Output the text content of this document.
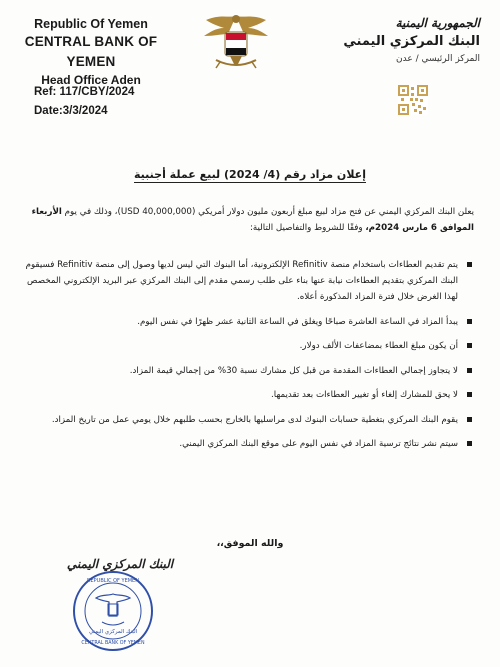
Republic Of Yemen
CENTRAL BANK OF YEMEN
Head Office Aden
Ref: 117/CBY/2024
Date:3/3/2024
الجمهورية اليمنية
البنك المركزي اليمني
المركز الرئيسي / عدن
إعلان مزاد رقم (4/ 2024) لبيع عملة أجنبية
يعلن البنك المركزي اليمني عن فتح مزاد لبيع مبلغ أربعون مليون دولار أمريكي (40,000,000 USD)، وذلك في يوم الأربعاء الموافق 6 مارس 2024م، وفقًا للشروط والتفاصيل التالية:
يتم تقديم العطاءات باستخدام منصة Refinitiv الإلكترونية، أما البنوك التي ليس لديها وصول إلى منصة Refinitiv فسيقوم البنك المركزي بتقديم العطاءات نيابة عنها بناء على طلب رسمي مقدم إلى البنك المركزي عبر البريد الإلكتروني المخصص لهذا الغرض خلال فترة المزاد المذكورة أعلاه.
يبدأ المزاد في الساعة العاشرة صباحًا ويغلق في الساعة الثانية عشر ظهرًا في نفس اليوم.
أن يكون مبلغ العطاء بمضاعفات الألف دولار.
لا يتجاوز إجمالي العطاءات المقدمة من قبل كل مشارك نسبة 30% من إجمالي قيمة المزاد.
لا يحق للمشارك إلغاء أو تغيير العطاءات بعد تقديمها.
يقوم البنك المركزي بتغطية حسابات البنوك لدى مراسليها بالخارج بحسب طلبهم خلال يومي عمل من تاريخ المزاد.
سيتم نشر نتائج ترسية المزاد في نفس اليوم على موقع البنك المركزي اليمني.
والله الموفق،،
البنك المركزي اليمني
REPUBLIC OF YEMEN
البنك المركزي اليمني
CENTRAL BANK OF YEMEN
